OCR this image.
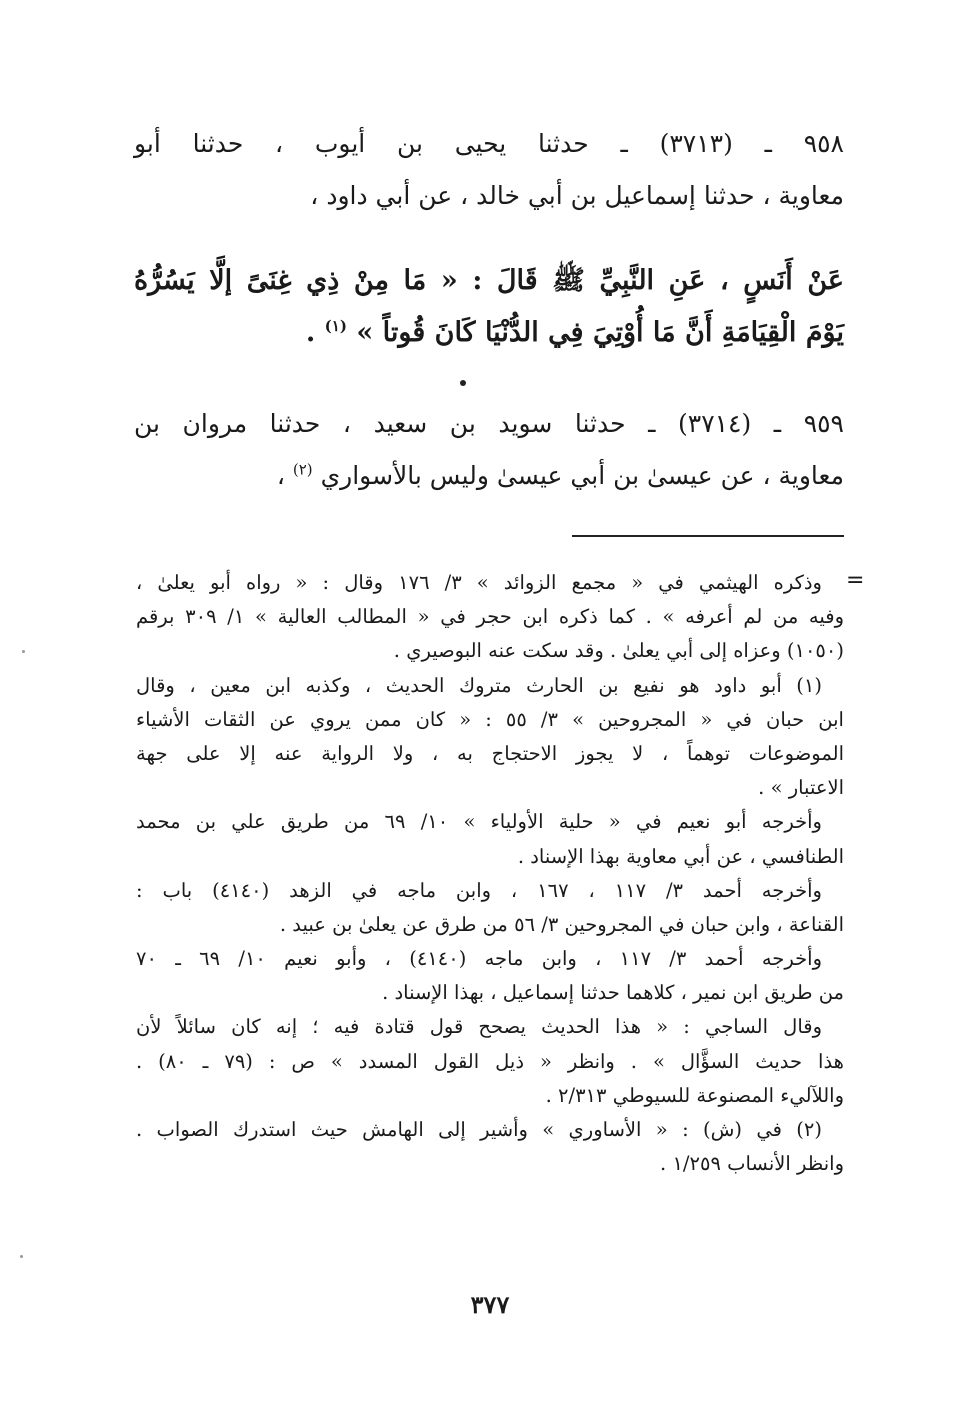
٩٥٨ ـ (٣٧١٣) ـ حدثنا يحيى بن أيوب ، حدثنا أبو
معاوية ، حدثنا إسماعيل بن أبي خالد ، عن أبي داود ،
عَنْ أَنَسٍ ، عَنِ النَّبِيِّ ﷺ قَالَ : « مَا مِنْ ذِي غِنَىً إلَّا يَسُرُّهُ
يَوْمَ الْقِيَامَةِ أَنَّ مَا أُوْتِيَ فِي الدُّنْيَا كَانَ قُوتاً » $^{(١)}$ .
٩٥٩ ـ (٣٧١٤) ـ حدثنا سويد بن سعيد ، حدثنا مروان بن
معاوية ، عن عيسىٰ بن أبي عيسىٰ وليس بالأسواري $^{(٢)}$ ،
=
وذكره الهيثمي في « مجمع الزوائد » ٣/ ١٧٦ وقال : « رواه أبو يعلىٰ ،
وفيه من لم أعرفه » . كما ذكره ابن حجر في « المطالب العالية » ١/ ٣٠٩ برقم
(١٠٥٠) وعزاه إلى أبي يعلىٰ . وقد سكت عنه البوصيري .
(١) أبو داود هو نفيع بن الحارث متروك الحديث ، وكذبه ابن معين ، وقال
ابن حبان في « المجروحين » ٣/ ٥٥ : « كان ممن يروي عن الثقات الأشياء
الموضوعات توهماً ، لا يجوز الاحتجاج به ، ولا الرواية عنه إلا على جهة
الاعتبار » .
وأخرجه أبو نعيم في « حلية الأولياء » ١٠/ ٦٩ من طريق علي بن محمد
الطنافسي ، عن أبي معاوية بهذا الإسناد .
وأخرجه أحمد ٣/ ١١٧ ، ١٦٧ ، وابن ماجه في الزهد (٤١٤٠) باب :
القناعة ، وابن حبان في المجروحين ٣/ ٥٦ من طرق عن يعلىٰ بن عبيد .
وأخرجه أحمد ٣/ ١١٧ ، وابن ماجه (٤١٤٠) ، وأبو نعيم ١٠/ ٦٩ ـ ٧٠
من طريق ابن نمير ، كلاهما حدثنا إسماعيل ، بهذا الإسناد .
وقال الساجي : « هذا الحديث يصحح قول قتادة فيه ؛ إنه كان سائلاً لأن
هذا حديث السؤَّال » . وانظر « ذيل القول المسدد » ص : (٧٩ ـ ٨٠) .
واللآليء المصنوعة للسيوطي ٢/٣١٣ .
(٢) في (ش) : « الأساوري » وأشير إلى الهامش حيث استدرك الصواب .
وانظر الأنساب ١/٢٥٩ .
٣٧٧
